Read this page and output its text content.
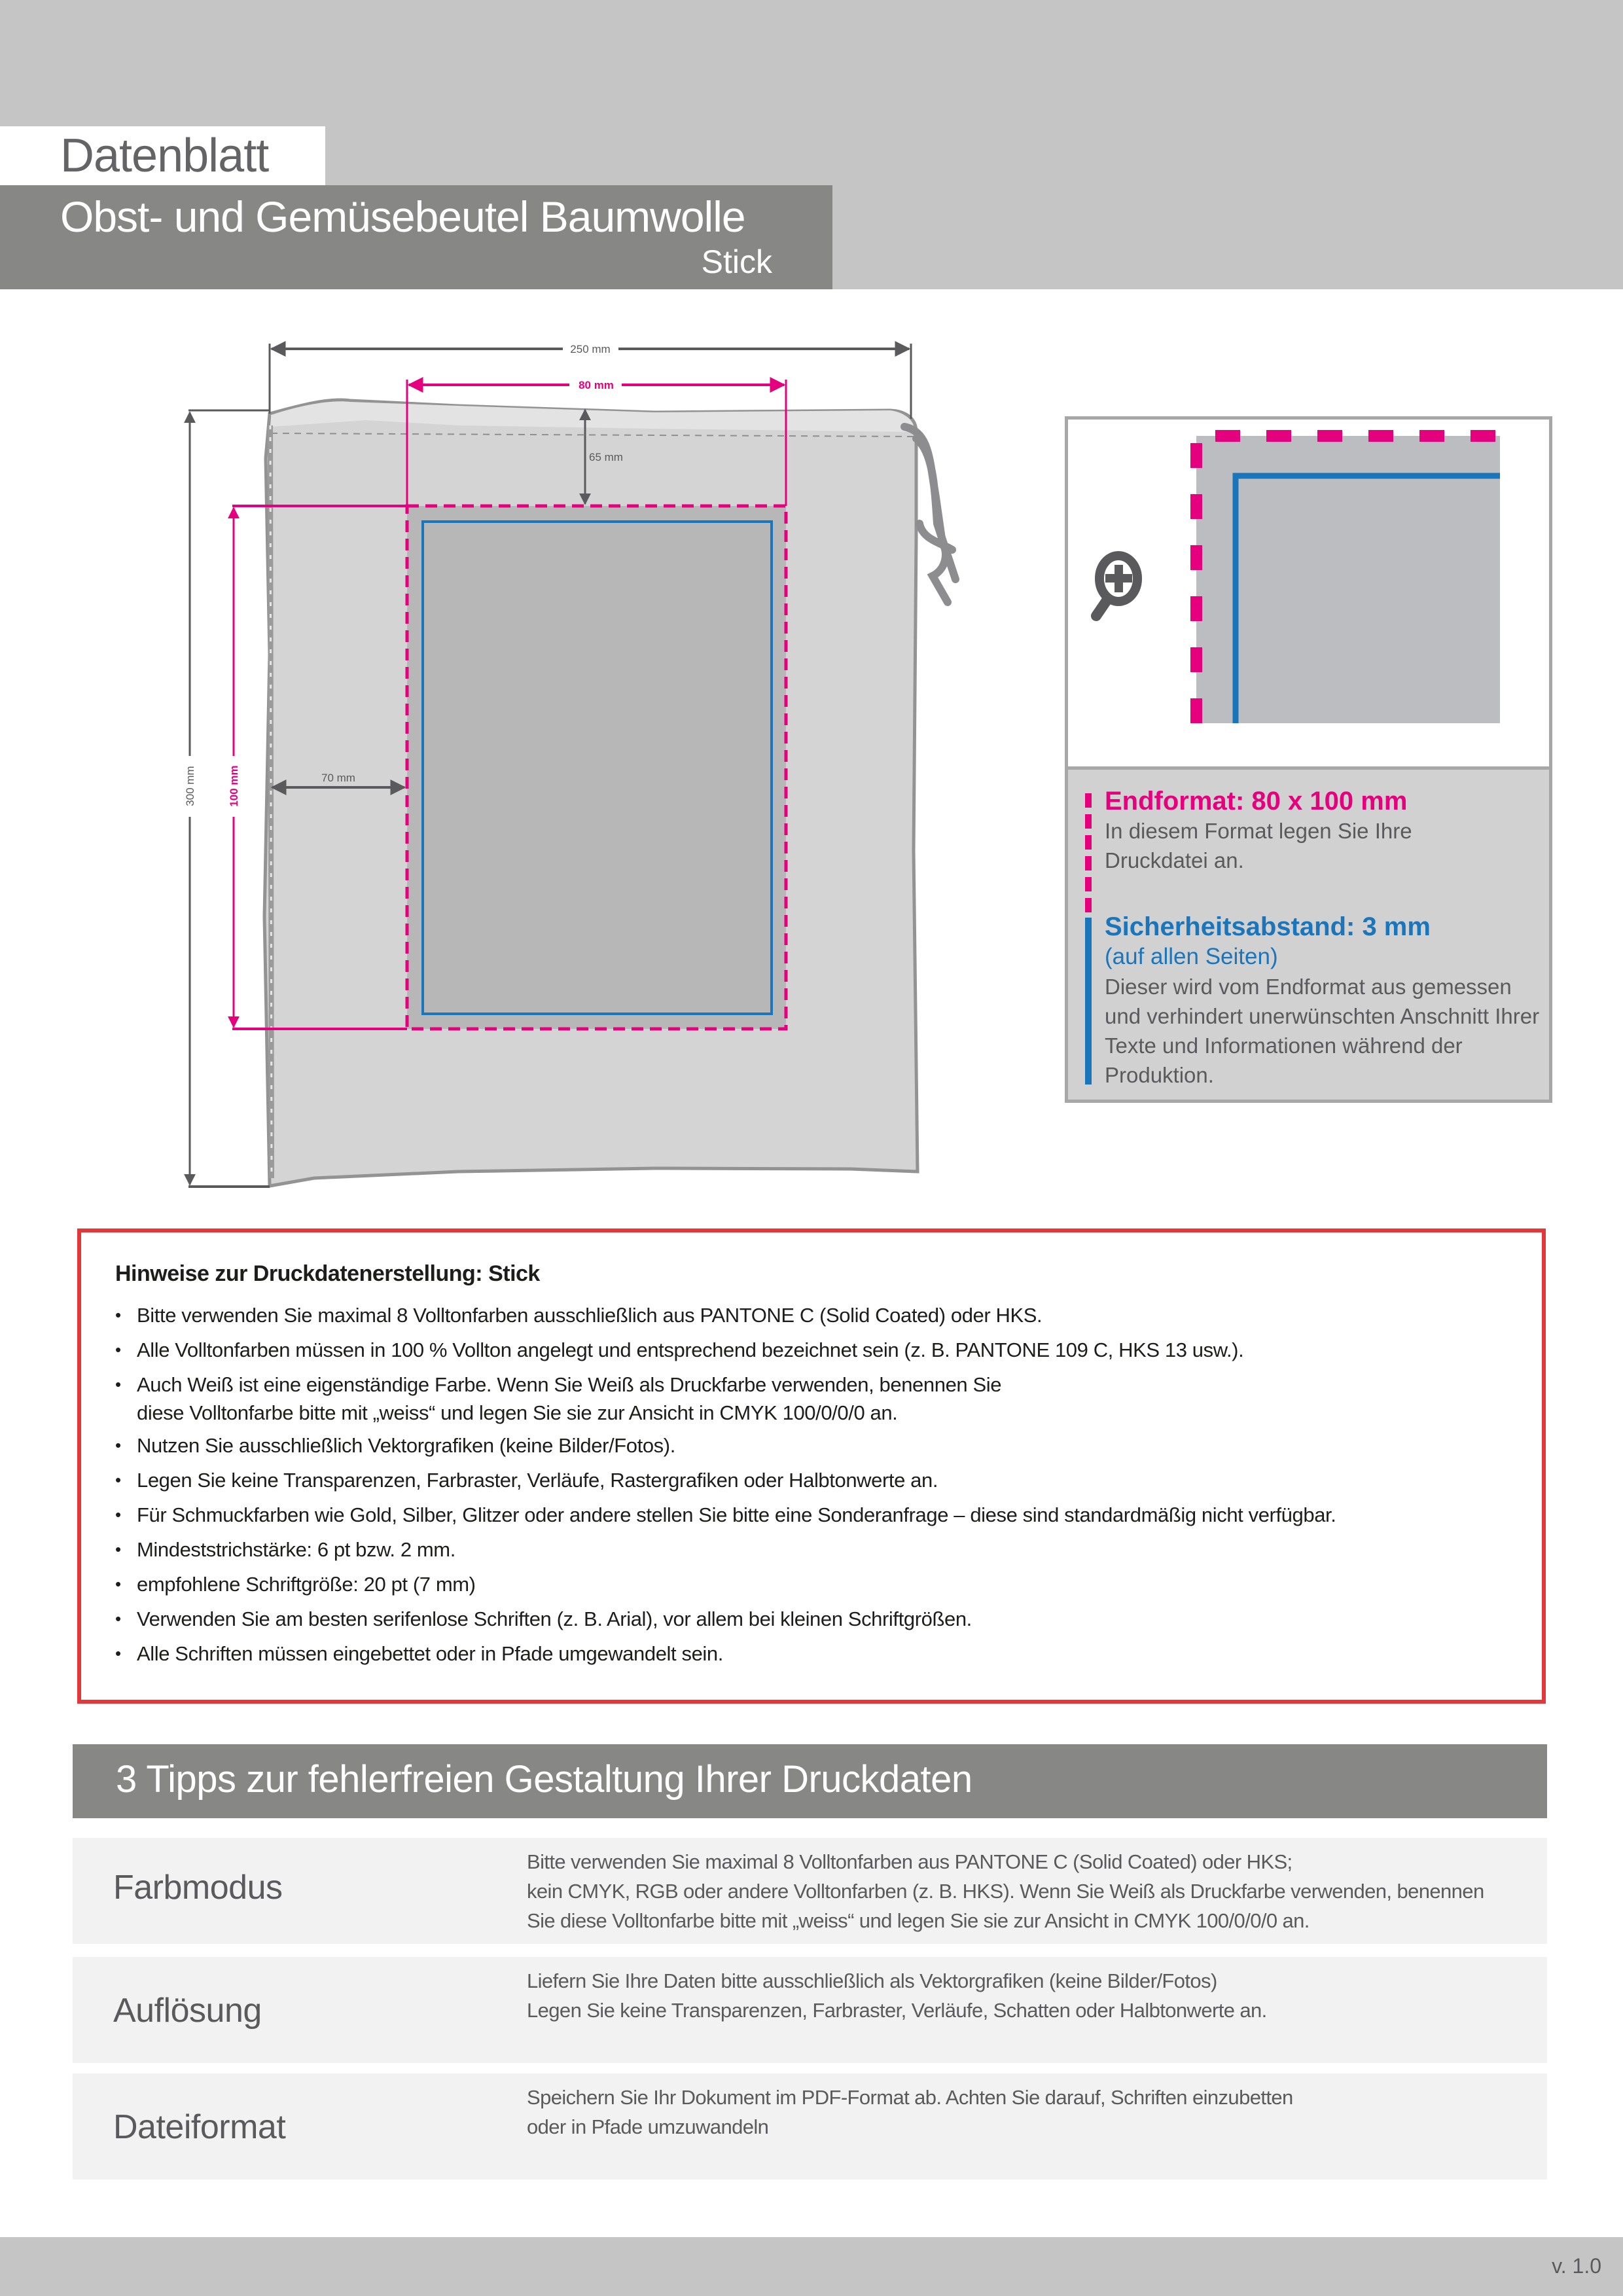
Datenblatt
Obst- und Gemüsebeutel Baumwolle
Stick
250 mm
80 mm
65 mm
300 mm	100 mm	70 mm
Endformat: 80 x 100 mm
In diesem Format legen Sie Ihre Druckdatei an.
Sicherheitsabstand: 3 mm
(auf allen Seiten)
Dieser wird vom Endformat aus gemessen und verhindert unerwünschten Anschnitt Ihrer Texte und Informationen während der Produktion.
Hinweise zur Druckdatenerstellung: Stick
• Bitte verwenden Sie maximal 8 Volltonfarben ausschließlich aus PANTONE C (Solid Coated) oder HKS.
• Alle Volltonfarben müssen in 100 % Vollton angelegt und entsprechend bezeichnet sein (z. B. PANTONE 109 C, HKS 13 usw.).
• Auch Weiß ist eine eigenständige Farbe. Wenn Sie Weiß als Druckfarbe verwenden, benennen Sie
diese Volltonfarbe bitte mit „weiss“ und legen Sie sie zur Ansicht in CMYK 100/0/0/0 an.
• Nutzen Sie ausschließlich Vektorgrafiken (keine Bilder/Fotos).
• Legen Sie keine Transparenzen, Farbraster, Verläufe, Rastergrafiken oder Halbtonwerte an.
• Für Schmuckfarben wie Gold, Silber, Glitzer oder andere stellen Sie bitte eine Sonderanfrage – diese sind standardmäßig nicht verfügbar.
• Mindeststrichstärke: 6 pt bzw. 2 mm.
• empfohlene Schriftgröße: 20 pt (7 mm)
• Verwenden Sie am besten serifenlose Schriften (z. B. Arial), vor allem bei kleinen Schriftgrößen.
• Alle Schriften müssen eingebettet oder in Pfade umgewandelt sein.
3 Tipps zur fehlerfreien Gestaltung Ihrer Druckdaten
Farbmodus
Bitte verwenden Sie maximal 8 Volltonfarben aus PANTONE C (Solid Coated) oder HKS;
kein CMYK, RGB oder andere Volltonfarben (z. B. HKS). Wenn Sie Weiß als Druckfarbe verwenden, benennen
Sie diese Volltonfarbe bitte mit „weiss“ und legen Sie sie zur Ansicht in CMYK 100/0/0/0 an.
Auflösung
Liefern Sie Ihre Daten bitte ausschließlich als Vektorgrafiken (keine Bilder/Fotos)
Legen Sie keine Transparenzen, Farbraster, Verläufe, Schatten oder Halbtonwerte an.
Dateiformat
Speichern Sie Ihr Dokument im PDF-Format ab. Achten Sie darauf, Schriften einzubetten
oder in Pfade umzuwandeln
v. 1.0
